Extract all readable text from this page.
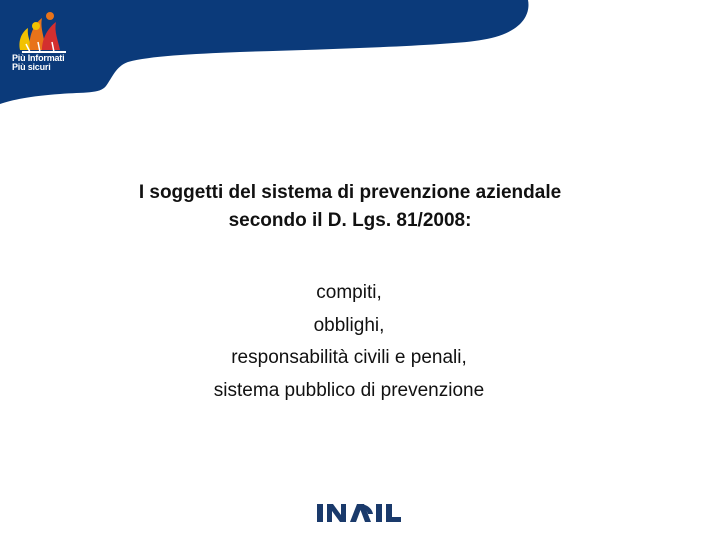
Più Informati
Più sicuri
I soggetti del sistema di prevenzione aziendale
secondo il D. Lgs. 81/2008:
compiti,
obblighi,
responsabilità civili e penali,
sistema pubblico di prevenzione
